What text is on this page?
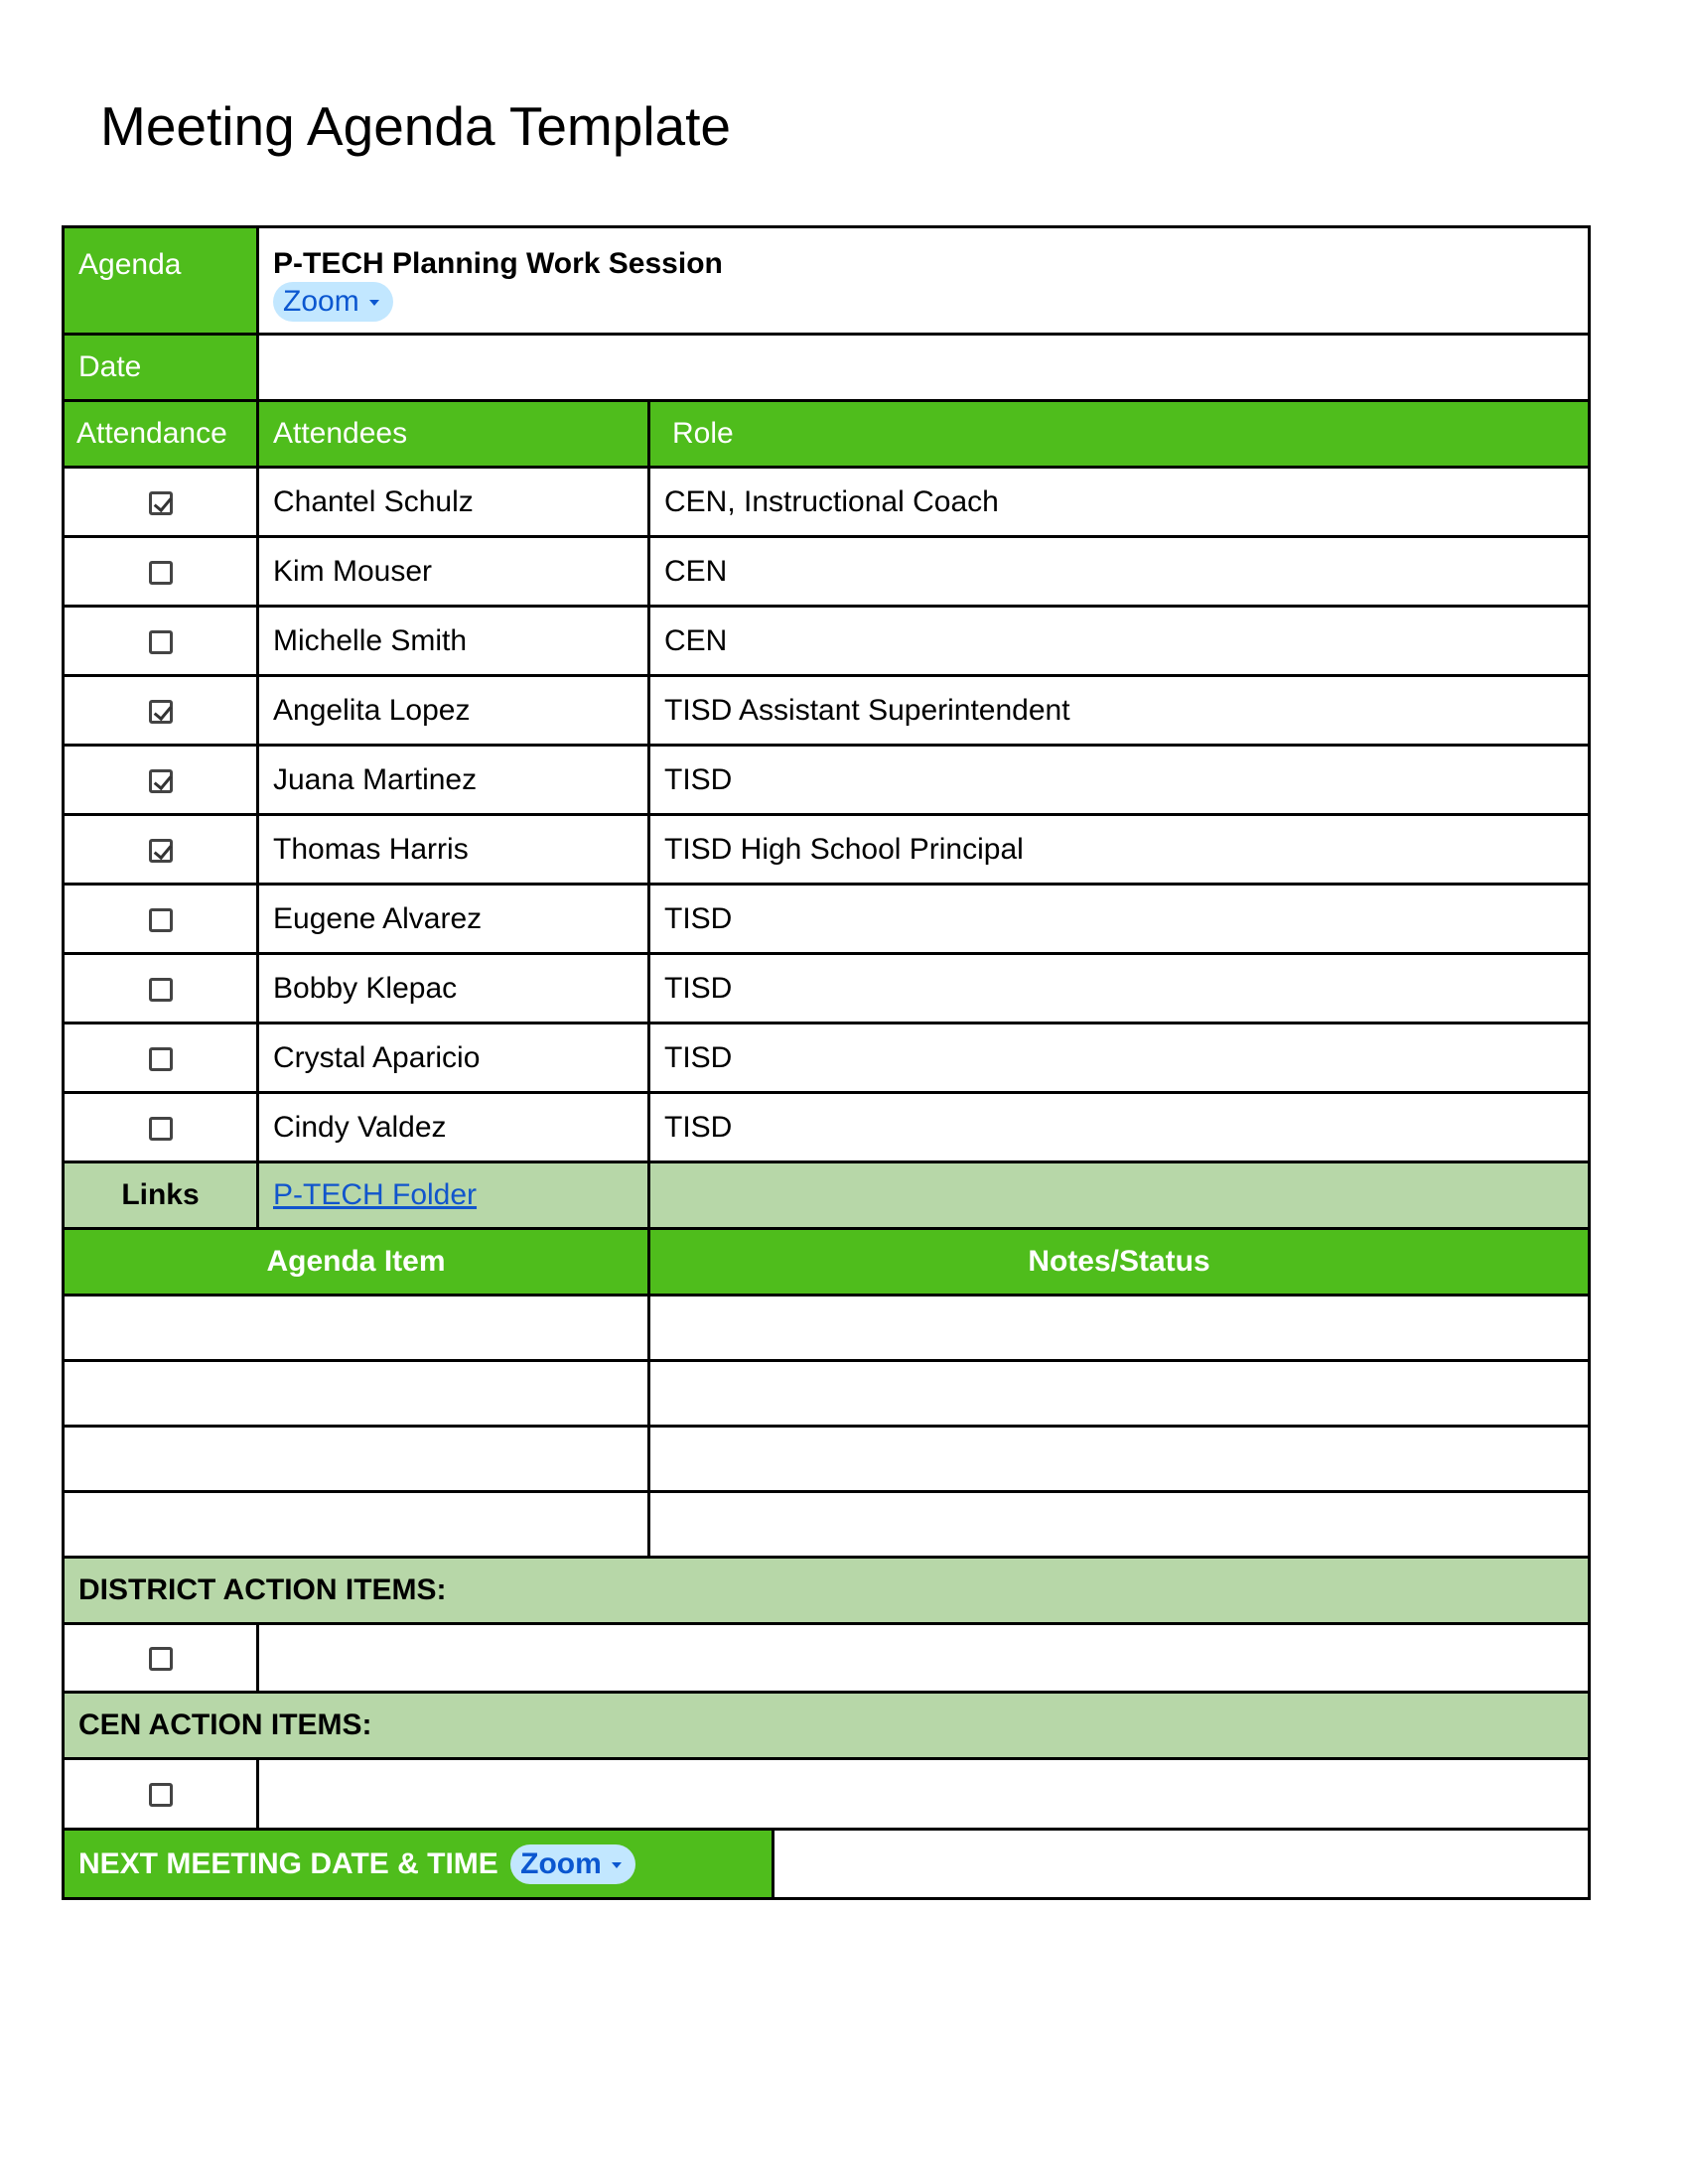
Meeting Agenda Template
Agenda	P-TECH Planning Work Session
Zoom		
Date			
Attendance	Attendees	Role	
	Chantel Schulz	CEN, Instructional Coach	
	Kim Mouser	CEN	
	Michelle Smith	CEN	
	Angelita Lopez	TISD Assistant Superintendent	
	Juana Martinez	TISD	
	Thomas Harris	TISD High School Principal	
	Eugene Alvarez	TISD	
	Bobby Klepac	TISD	
	Crystal Aparicio	TISD	
	Cindy Valdez	TISD	
Links	P-TECH Folder		
Agenda Item		Notes/Status	

DISTRICT ACTION ITEMS:			

CEN ACTION ITEMS:			

NEXT MEETING DATE & TIME Zoom			
